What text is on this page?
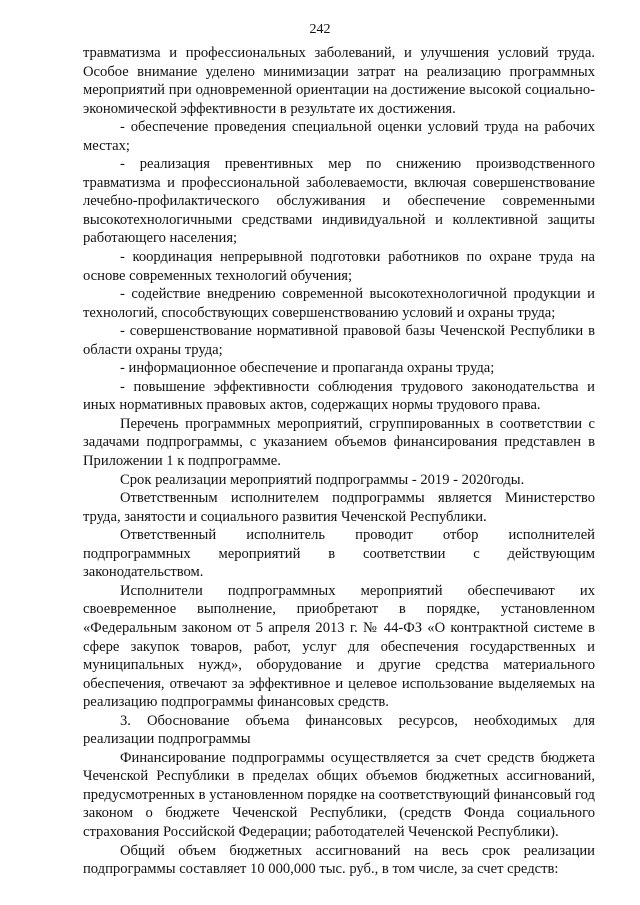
242

травматизма и профессиональных заболеваний, и улучшения условий труда. Особое внимание уделено минимизации затрат на реализацию программных мероприятий при одновременной ориентации на достижение высокой социально-экономической эффективности в результате их достижения.

- обеспечение проведения специальной оценки условий труда на рабочих местах;

- реализация превентивных мер по снижению производственного травматизма и профессиональной заболеваемости, включая совершенствование лечебно-профилактического обслуживания и обеспечение современными высокотехнологичными средствами индивидуальной и коллективной защиты работающего населения;

- координация непрерывной подготовки работников по охране труда на основе современных технологий обучения;

- содействие внедрению современной высокотехнологичной продукции и технологий, способствующих совершенствованию условий и охраны труда;

- совершенствование нормативной правовой базы Чеченской Республики в области охраны труда;

- информационное обеспечение и пропаганда охраны труда;

- повышение эффективности соблюдения трудового законодательства и иных нормативных правовых актов, содержащих нормы трудового права.

Перечень программных мероприятий, сгруппированных в соответствии с задачами подпрограммы, с указанием объемов финансирования представлен в Приложении 1 к подпрограмме.

Срок реализации мероприятий подпрограммы - 2019 - 2020годы.

Ответственным исполнителем подпрограммы является Министерство труда, занятости и социального развития Чеченской Республики.

Ответственный исполнитель проводит отбор исполнителей подпрограммных мероприятий в соответствии с действующим законодательством.

Исполнители подпрограммных мероприятий обеспечивают их своевременное выполнение, приобретают в порядке, установленном «Федеральным законом от 5 апреля 2013 г. № 44-ФЗ «О контрактной системе в сфере закупок товаров, работ, услуг для обеспечения государственных и муниципальных нужд», оборудование и другие средства материального обеспечения, отвечают за эффективное и целевое использование выделяемых на реализацию подпрограммы финансовых средств.

3. Обоснование объема финансовых ресурсов, необходимых для реализации подпрограммы

Финансирование подпрограммы осуществляется за счет средств бюджета Чеченской Республики в пределах общих объемов бюджетных ассигнований, предусмотренных в установленном порядке на соответствующий финансовый год законом о бюджете Чеченской Республики, (средств Фонда социального страхования Российской Федерации; работодателей Чеченской Республики).

Общий объем бюджетных ассигнований на весь срок реализации подпрограммы составляет 10 000,000 тыс. руб., в том числе, за счет средств:
